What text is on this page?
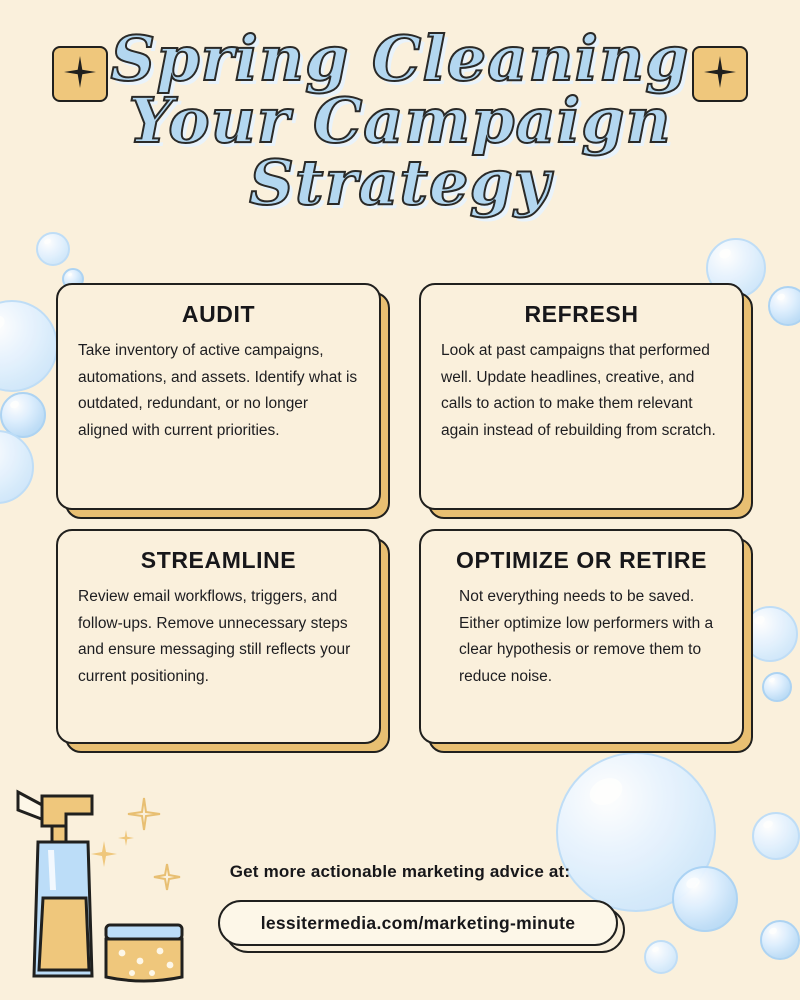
Spring Cleaning
Your Campaign
Strategy
AUDIT

Take inventory of active campaigns, automations, and assets. Identify what is outdated, redundant, or no longer aligned with current priorities.

REFRESH

Look at past campaigns that performed well. Update headlines, creative, and calls to action to make them relevant again instead of rebuilding from scratch.

STREAMLINE

Review email workflows, triggers, and follow-ups. Remove unnecessary steps and ensure messaging still reflects your current positioning.

OPTIMIZE OR RETIRE

Not everything needs to be saved. Either optimize low performers with a clear hypothesis or remove them to reduce noise.

Get more actionable marketing advice at:
lessitermedia.com/marketing-minute
